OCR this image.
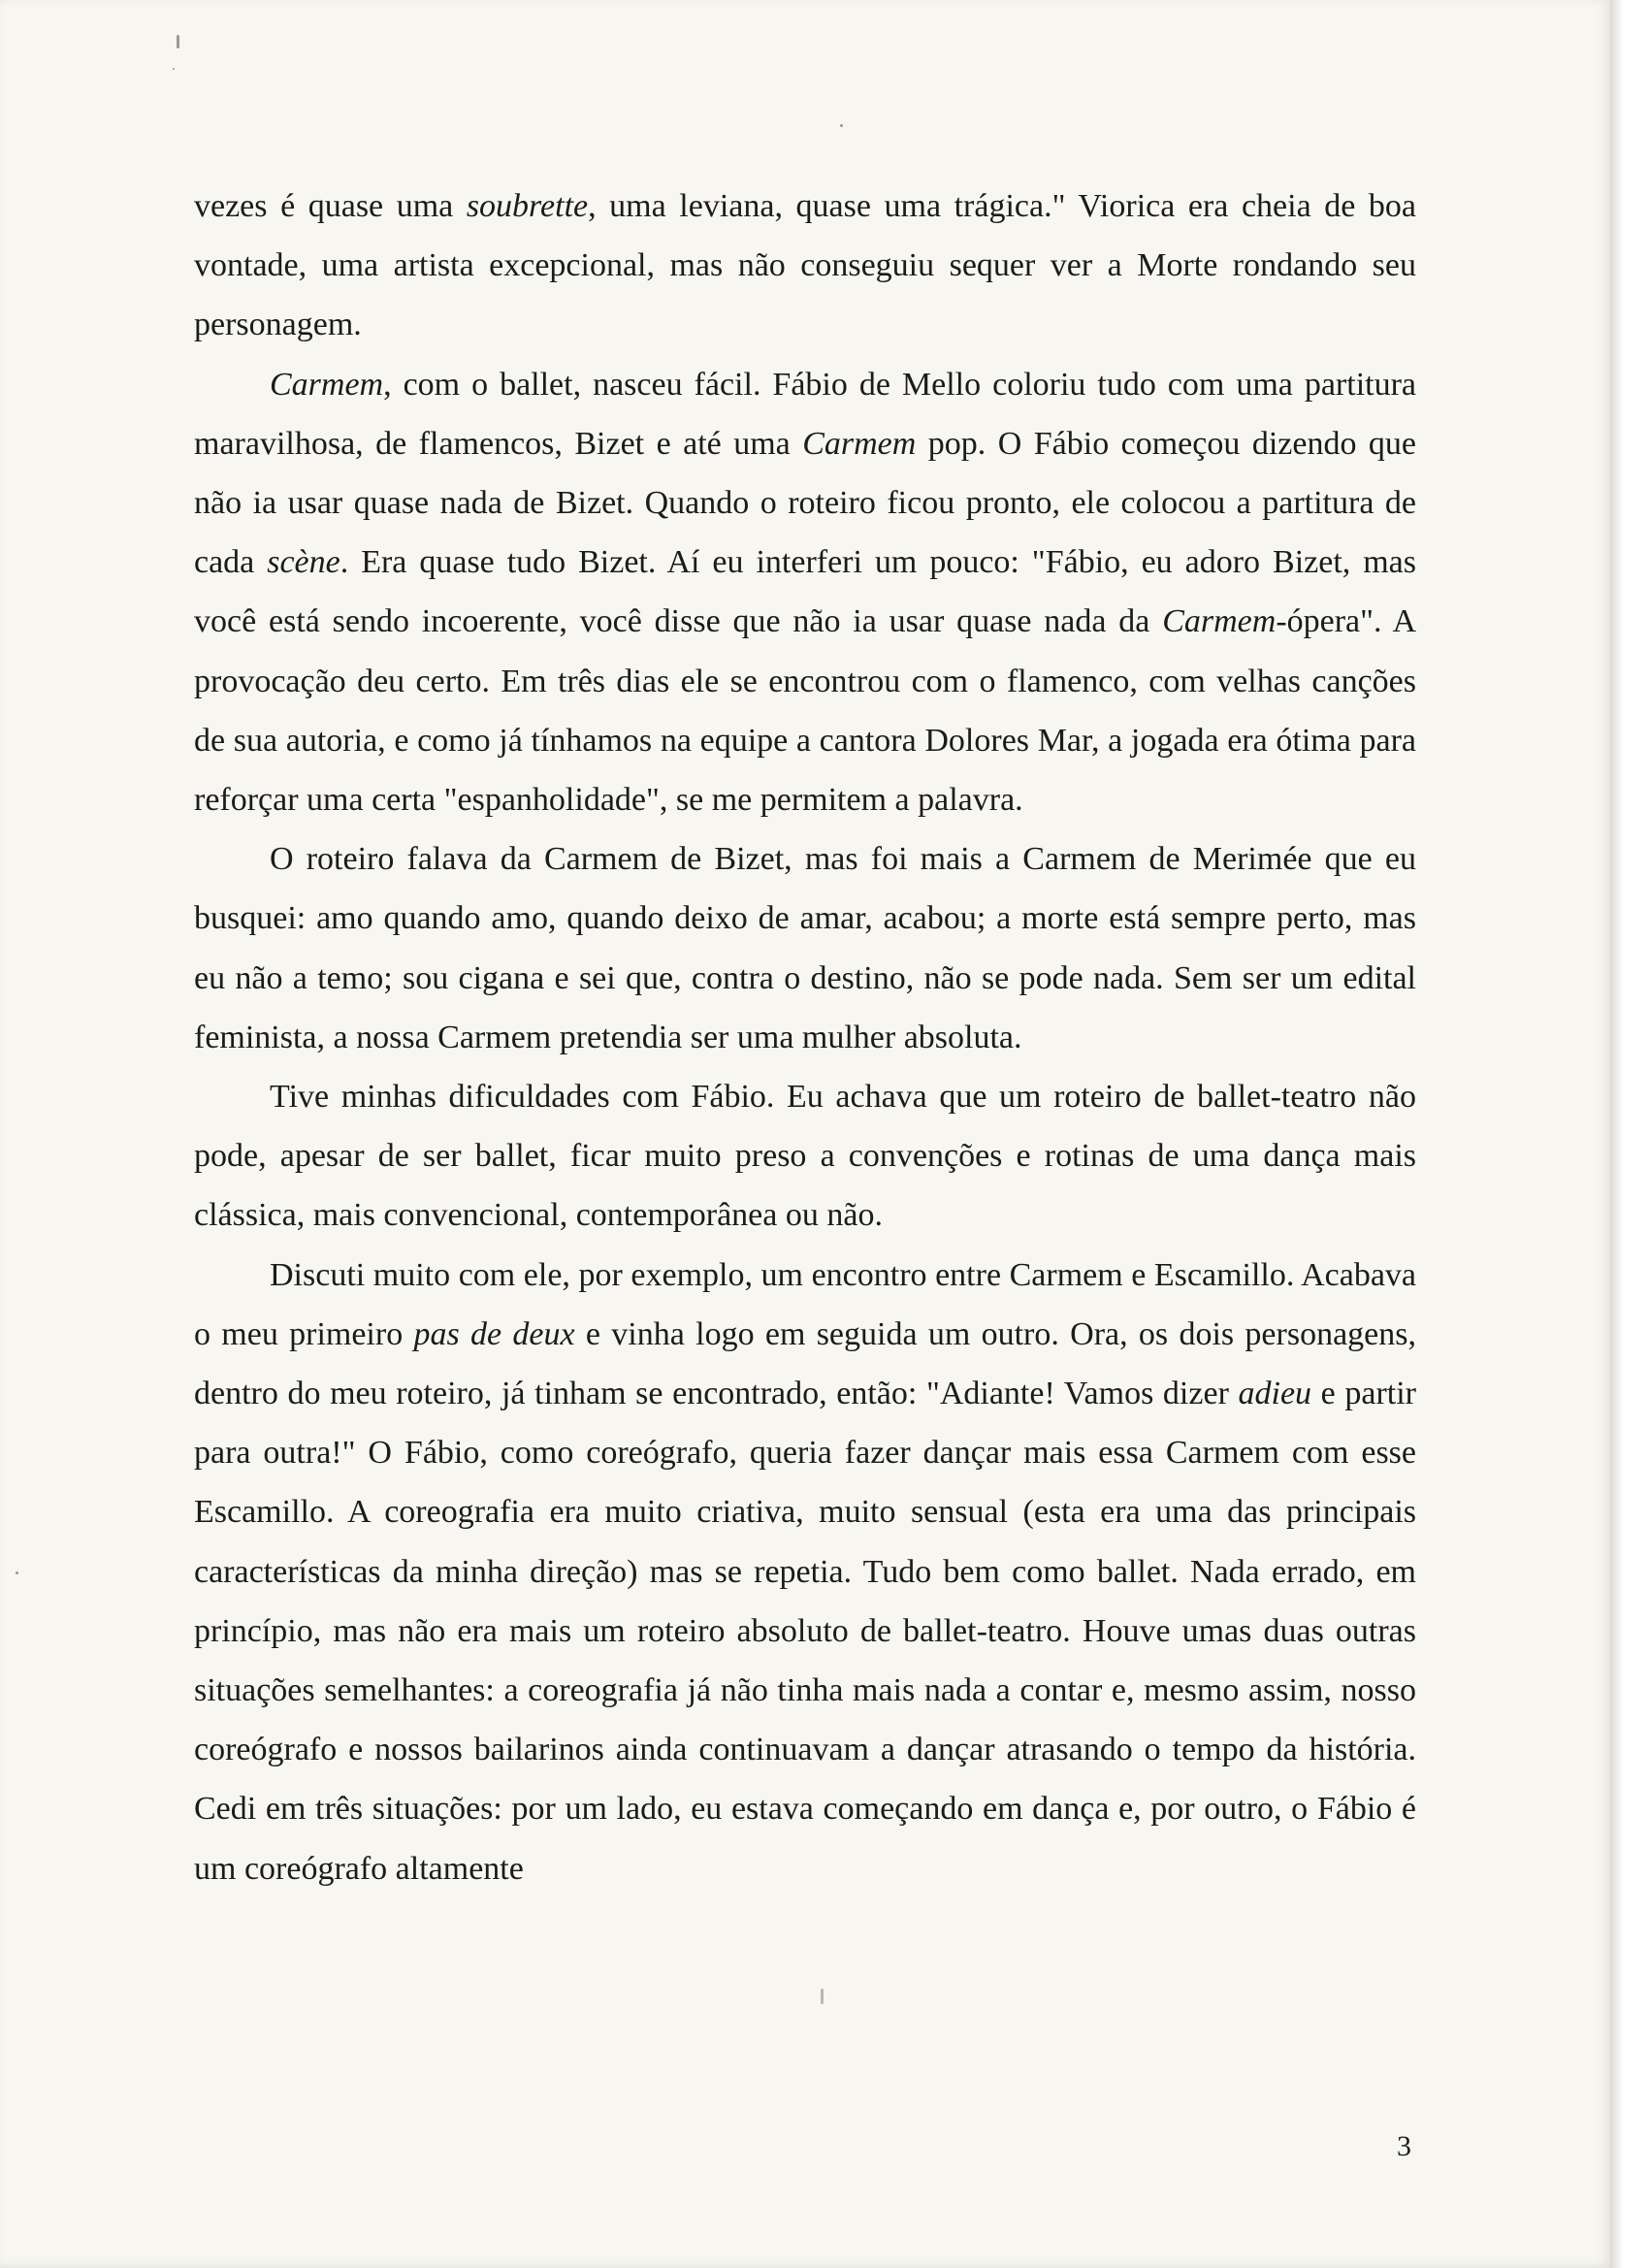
vezes é quase uma soubrette, uma leviana, quase uma trágica." Viorica era cheia de boa vontade, uma artista excepcional, mas não conseguiu sequer ver a Morte rondando seu personagem.

Carmem, com o ballet, nasceu fácil. Fábio de Mello coloriu tudo com uma partitura maravilhosa, de flamencos, Bizet e até uma Carmem pop. O Fábio começou dizendo que não ia usar quase nada de Bizet. Quando o roteiro ficou pronto, ele colocou a partitura de cada scène. Era quase tudo Bizet. Aí eu interferi um pouco: "Fábio, eu adoro Bizet, mas você está sendo incoerente, você disse que não ia usar quase nada da Carmem-ópera". A provocação deu certo. Em três dias ele se encontrou com o flamenco, com velhas canções de sua autoria, e como já tínhamos na equipe a cantora Dolores Mar, a jogada era ótima para reforçar uma certa "espanholidade", se me permitem a palavra.

O roteiro falava da Carmem de Bizet, mas foi mais a Carmem de Merimée que eu busquei: amo quando amo, quando deixo de amar, acabou; a morte está sempre perto, mas eu não a temo; sou cigana e sei que, contra o destino, não se pode nada. Sem ser um edital feminista, a nossa Carmem pretendia ser uma mulher absoluta.

Tive minhas dificuldades com Fábio. Eu achava que um roteiro de ballet-teatro não pode, apesar de ser ballet, ficar muito preso a convenções e rotinas de uma dança mais clássica, mais convencional, contemporânea ou não.

Discuti muito com ele, por exemplo, um encontro entre Carmem e Escamillo. Acabava o meu primeiro pas de deux e vinha logo em seguida um outro. Ora, os dois personagens, dentro do meu roteiro, já tinham se encontrado, então: "Adiante! Vamos dizer adieu e partir para outra!" O Fábio, como coreógrafo, queria fazer dançar mais essa Carmem com esse Escamillo. A coreografia era muito criativa, muito sensual (esta era uma das principais características da minha direção) mas se repetia. Tudo bem como ballet. Nada errado, em princípio, mas não era mais um roteiro absoluto de ballet-teatro. Houve umas duas outras situações semelhantes: a coreografia já não tinha mais nada a contar e, mesmo assim, nosso coreógrafo e nossos bailarinos ainda continuavam a dançar atrasando o tempo da história. Cedi em três situações: por um lado, eu estava começando em dança e, por outro, o Fábio é um coreógrafo altamente

3
